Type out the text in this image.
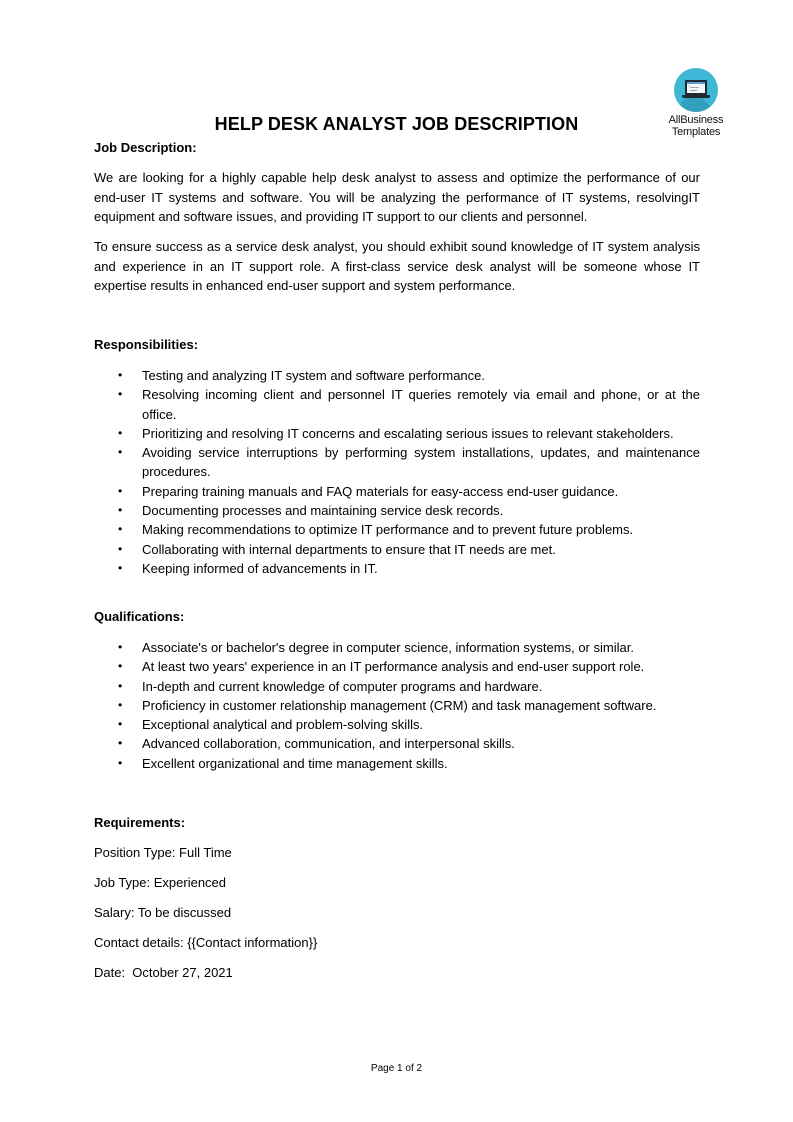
AllBusiness
Templates
HELP DESK ANALYST JOB DESCRIPTION
Job Description:
We are looking for a highly capable help desk analyst to assess and optimize the performance of our end-user IT systems and software. You will be analyzing the performance of IT systems, resolvingIT equipment and software issues, and providing IT support to our clients and personnel.
To ensure success as a service desk analyst, you should exhibit sound knowledge of IT system analysis and experience in an IT support role. A first-class service desk analyst will be someone whose IT expertise results in enhanced end-user support and system performance.
Responsibilities:
• Testing and analyzing IT system and software performance.
• Resolving incoming client and personnel IT queries remotely via email and phone, or at the office.
• Prioritizing and resolving IT concerns and escalating serious issues to relevant stakeholders.
• Avoiding service interruptions by performing system installations, updates, and maintenance procedures.
• Preparing training manuals and FAQ materials for easy-access end-user guidance.
• Documenting processes and maintaining service desk records.
• Making recommendations to optimize IT performance and to prevent future problems.
• Collaborating with internal departments to ensure that IT needs are met.
• Keeping informed of advancements in IT.
Qualifications:
• Associate's or bachelor's degree in computer science, information systems, or similar.
• At least two years' experience in an IT performance analysis and end-user support role.
• In-depth and current knowledge of computer programs and hardware.
• Proficiency in customer relationship management (CRM) and task management software.
• Exceptional analytical and problem-solving skills.
• Advanced collaboration, communication, and interpersonal skills.
• Excellent organizational and time management skills.
Requirements:
Position Type: Full Time
Job Type: Experienced
Salary: To be discussed
Contact details: {{Contact information}}
Date:  October 27, 2021
Page 1 of 2
